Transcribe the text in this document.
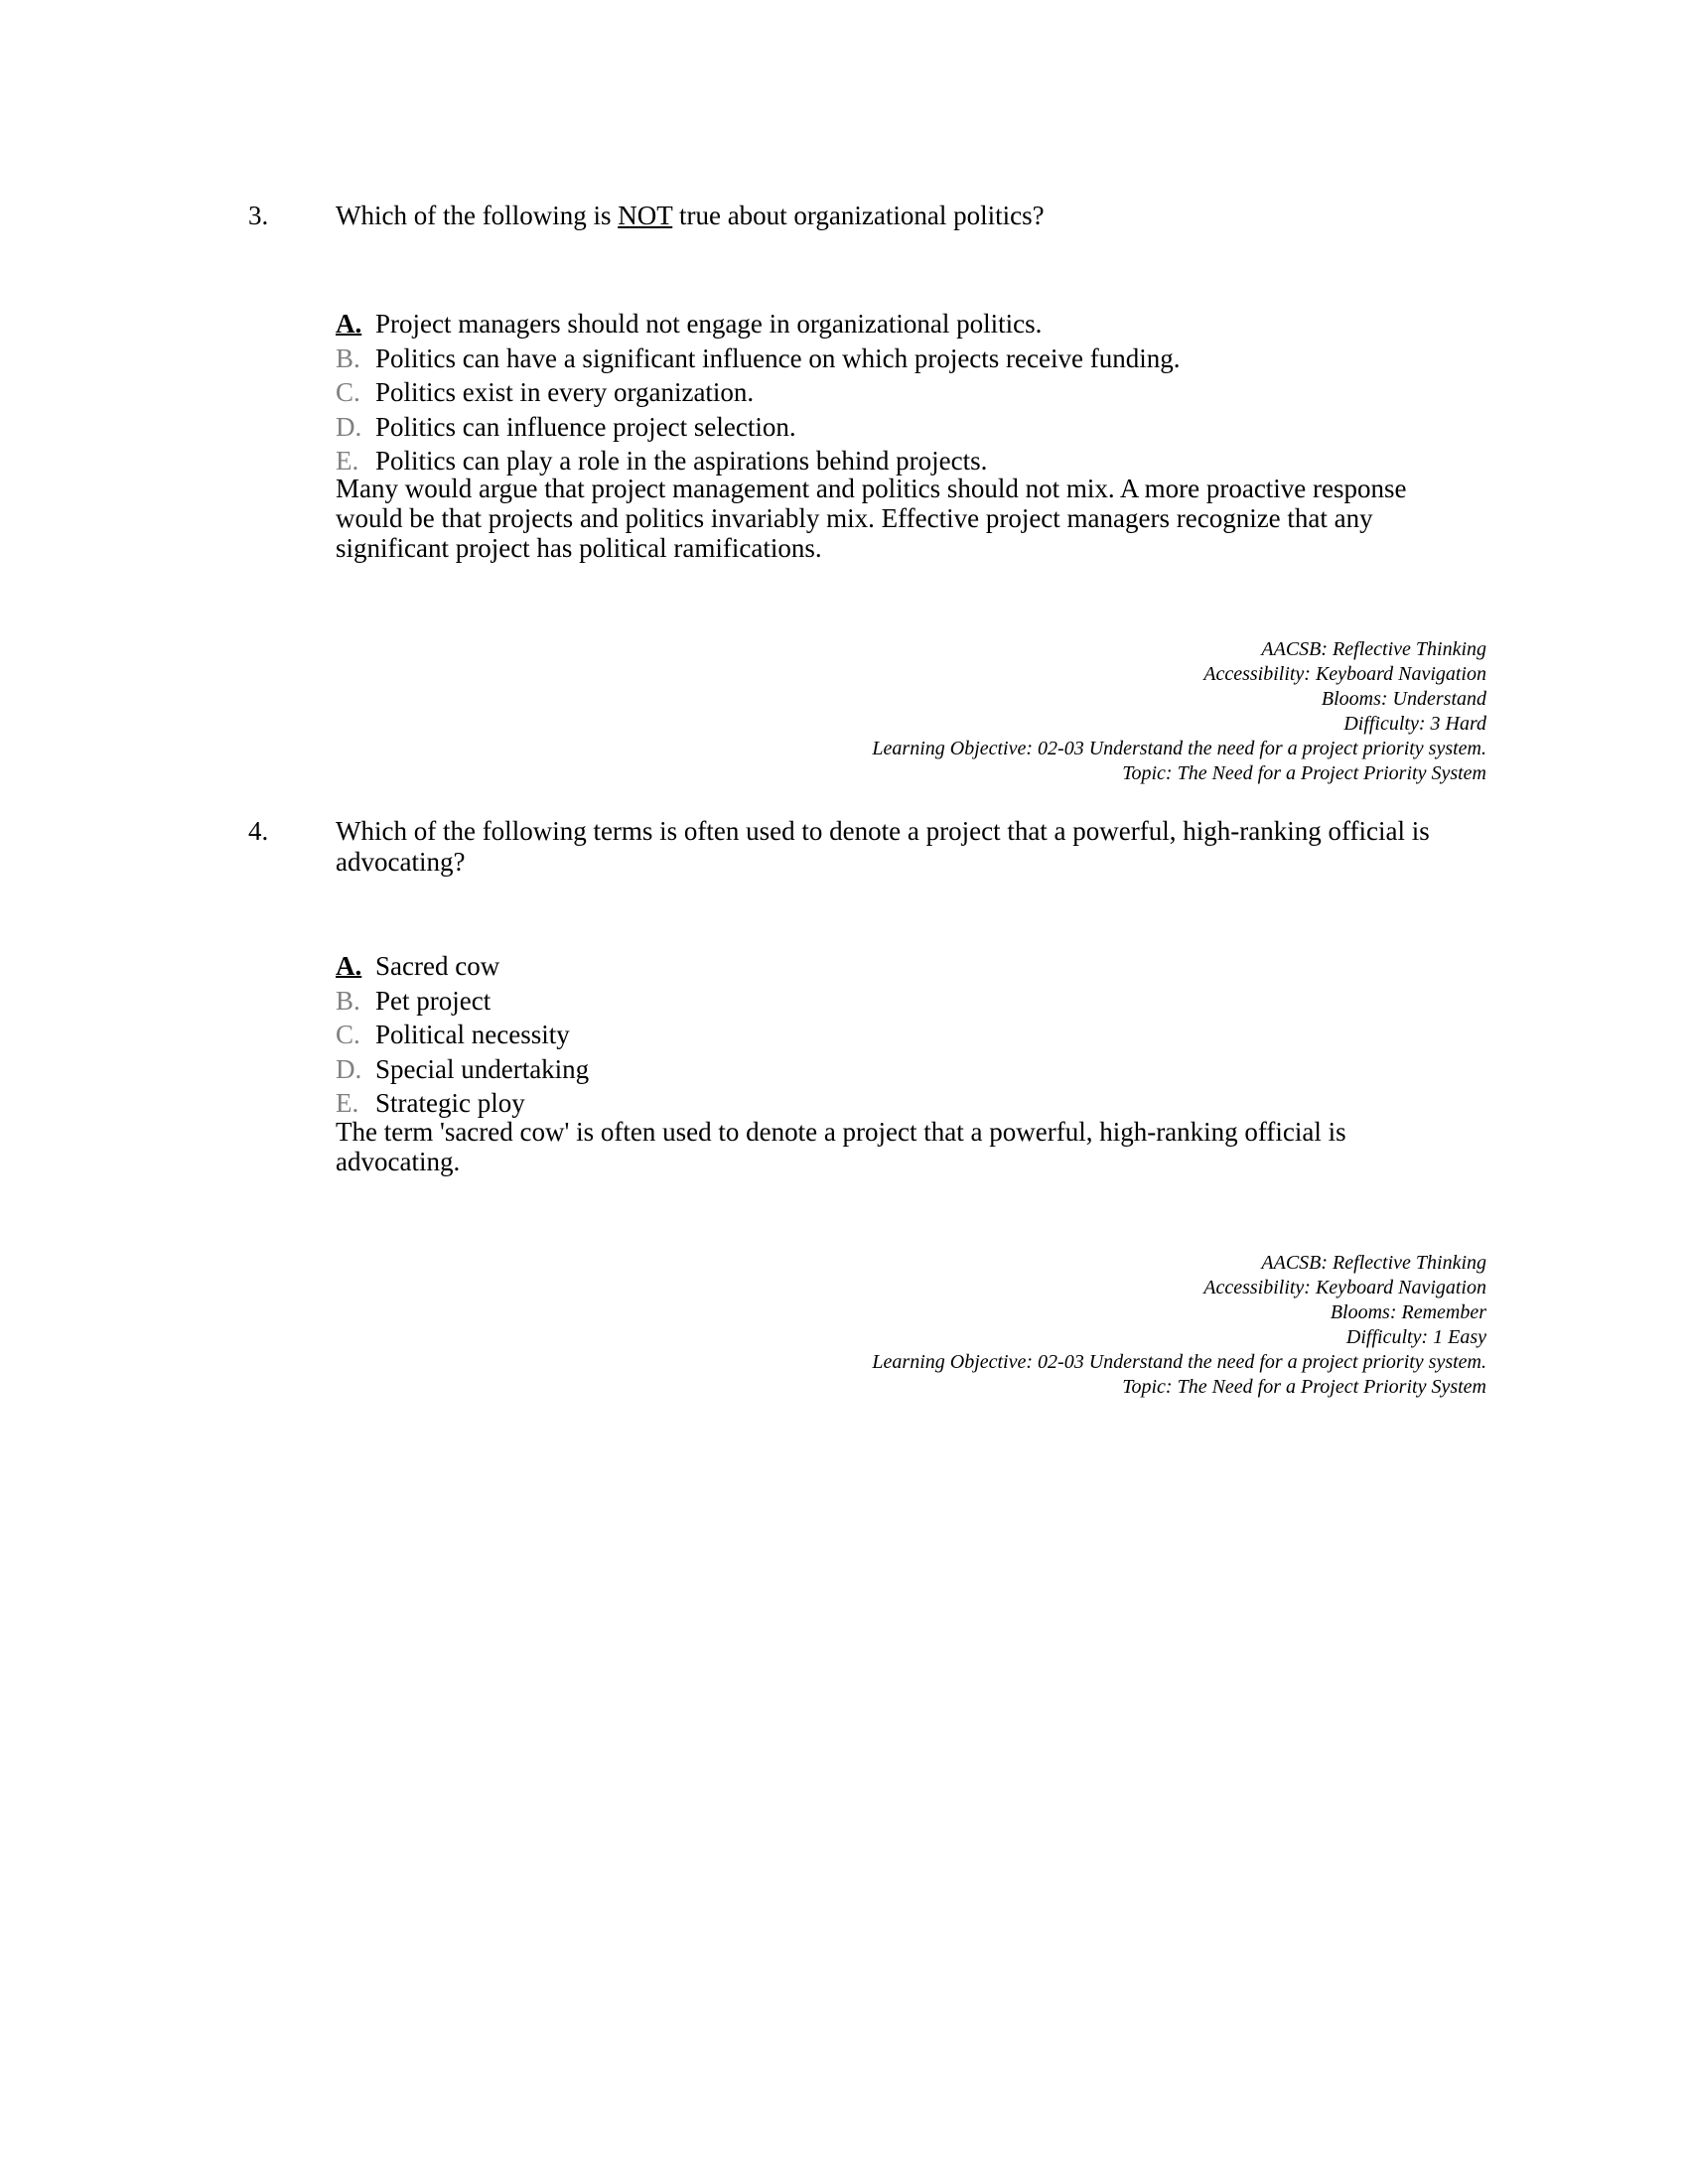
3.	Which of the following is NOT true about organizational politics?
A. Project managers should not engage in organizational politics.
B. Politics can have a significant influence on which projects receive funding.
C. Politics exist in every organization.
D. Politics can influence project selection.
E. Politics can play a role in the aspirations behind projects.
Many would argue that project management and politics should not mix. A more proactive response would be that projects and politics invariably mix. Effective project managers recognize that any significant project has political ramifications.
AACSB: Reflective Thinking
Accessibility: Keyboard Navigation
Blooms: Understand
Difficulty: 3 Hard
Learning Objective: 02-03 Understand the need for a project priority system.
Topic: The Need for a Project Priority System
4.	Which of the following terms is often used to denote a project that a powerful, high-ranking official is advocating?
A. Sacred cow
B. Pet project
C. Political necessity
D. Special undertaking
E. Strategic ploy
The term 'sacred cow' is often used to denote a project that a powerful, high-ranking official is advocating.
AACSB: Reflective Thinking
Accessibility: Keyboard Navigation
Blooms: Remember
Difficulty: 1 Easy
Learning Objective: 02-03 Understand the need for a project priority system.
Topic: The Need for a Project Priority System
